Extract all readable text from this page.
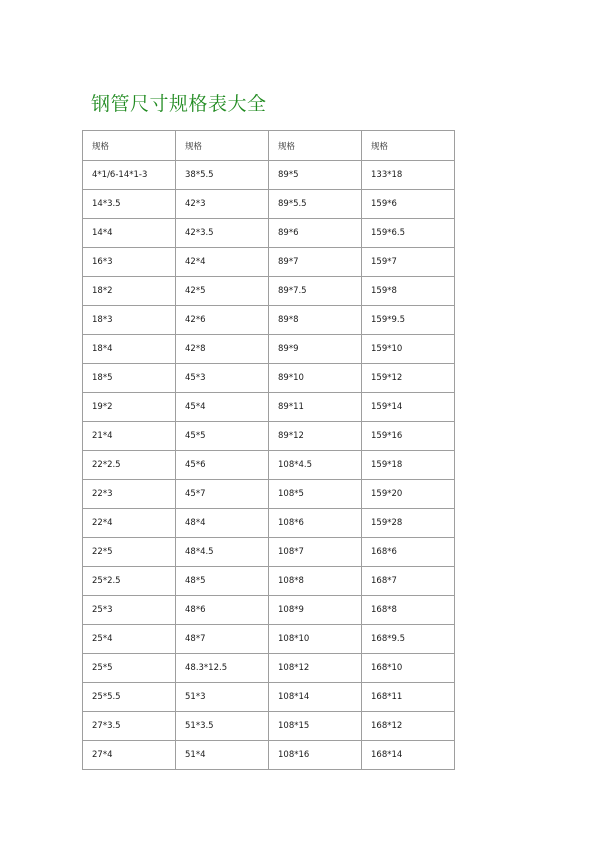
钢管尺寸规格表大全
规格	规格	规格	规格
4*1/6-14*1-3	38*5.5	89*5	133*18
14*3.5	42*3	89*5.5	159*6
14*4	42*3.5	89*6	159*6.5
16*3	42*4	89*7	159*7
18*2	42*5	89*7.5	159*8
18*3	42*6	89*8	159*9.5
18*4	42*8	89*9	159*10
18*5	45*3	89*10	159*12
19*2	45*4	89*11	159*14
21*4	45*5	89*12	159*16
22*2.5	45*6	108*4.5	159*18
22*3	45*7	108*5	159*20
22*4	48*4	108*6	159*28
22*5	48*4.5	108*7	168*6
25*2.5	48*5	108*8	168*7
25*3	48*6	108*9	168*8
25*4	48*7	108*10	168*9.5
25*5	48.3*12.5	108*12	168*10
25*5.5	51*3	108*14	168*11
27*3.5	51*3.5	108*15	168*12
27*4	51*4	108*16	168*14
